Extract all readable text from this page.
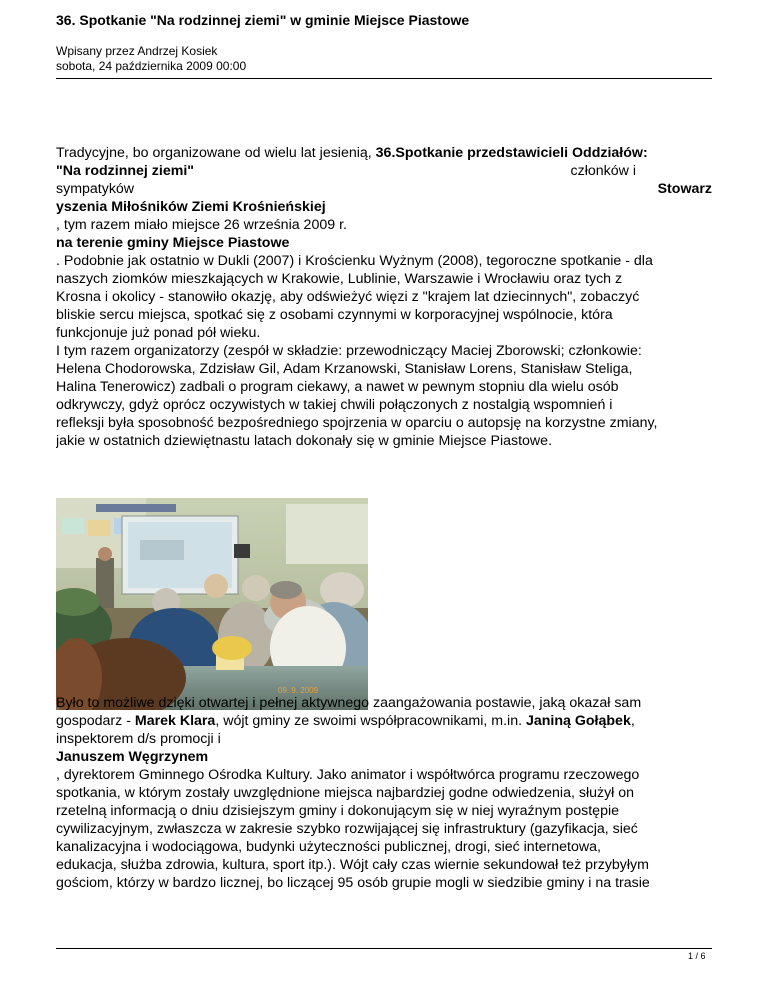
36. Spotkanie "Na rodzinnej ziemi" w gminie Miejsce Piastowe
Wpisany przez Andrzej Kosiek
sobota, 24 października 2009 00:00
Tradycyjne, bo organizowane od wielu lat jesienią, 36.Spotkanie przedstawicieli Oddziałów:
"Na rodzinnej ziemi"	członków i
sympatyków	Stowarz
yszenia Miłośników Ziemi Krośnieńskiej
, tym razem miało miejsce 26 września 2009 r.
na terenie gminy Miejsce Piastowe
. Podobnie jak ostatnio w Dukli (2007) i Krościenku Wyżnym (2008), tegoroczne spotkanie - dla
naszych ziomków mieszkających w Krakowie, Lublinie, Warszawie i Wrocławiu oraz tych z
Krosna i okolicy - stanowiło okazję, aby odświeżyć więzi z "krajem lat dziecinnych", zobaczyć
bliskie sercu miejsca, spotkać się z osobami czynnymi w korporacyjnej wspólnocie, która
funkcjonuje już ponad pół wieku.
I tym razem organizatorzy (zespół w składzie: przewodniczący Maciej Zborowski; członkowie:
Helena Chodorowska, Zdzisław Gil, Adam Krzanowski, Stanisław Lorens, Stanisław Steliga,
Halina Tenerowicz) zadbali o program ciekawy, a nawet w pewnym stopniu dla wielu osób
odkrywczy, gdyż oprócz oczywistych w takiej chwili połączonych z nostalgią wspomnień i
refleksji była sposobność bezpośredniego spojrzenia w oparciu o autopsję na korzystne zmiany,
jakie w ostatnich dziewiętnastu latach dokonały się w gminie Miejsce Piastowe.
09. 9. 2009
Było to możliwe dzięki otwartej i pełnej aktywnego zaangażowania postawie, jaką okazał sam
gospodarz - Marek Klara, wójt gminy ze swoimi współpracownikami, m.in. Janiną Gołąbek,
inspektorem d/s promocji i
Januszem Węgrzynem
, dyrektorem Gminnego Ośrodka Kultury. Jako animator i współtwórca programu rzeczowego
spotkania, w którym zostały uwzględnione miejsca najbardziej godne odwiedzenia, służył on
rzetelną informacją o dniu dzisiejszym gminy i dokonującym się w niej wyraźnym postępie
cywilizacyjnym, zwłaszcza w zakresie szybko rozwijającej się infrastruktury (gazyfikacja, sieć
kanalizacyjna i wodociągowa, budynki użyteczności publicznej, drogi, sieć internetowa,
edukacja, służba zdrowia, kultura, sport itp.). Wójt cały czas wiernie sekundował też przybyłym
gościom, którzy w bardzo licznej, bo liczącej 95 osób grupie mogli w siedzibie gminy i na trasie
1 / 6
